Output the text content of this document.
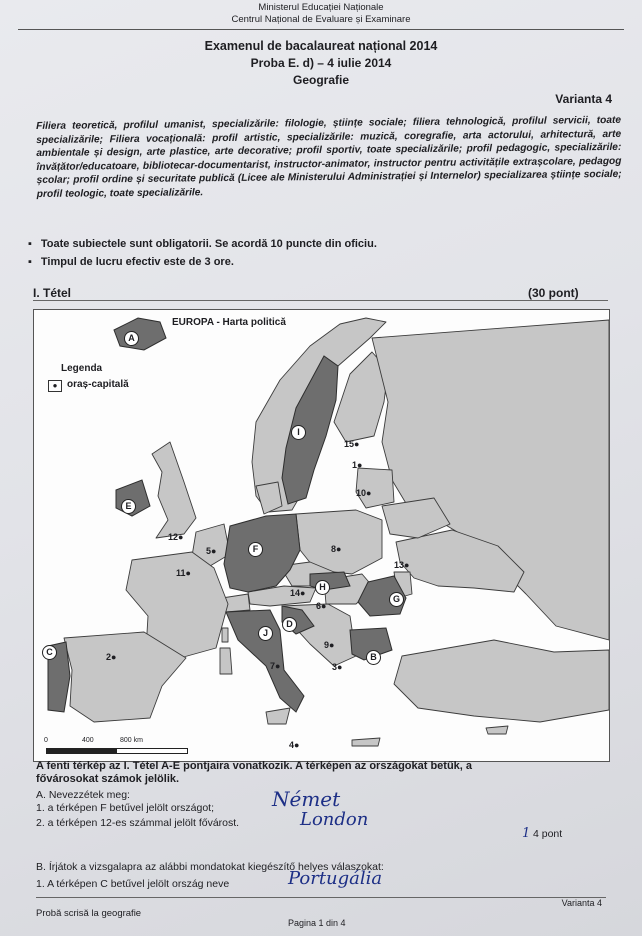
Ministerul Educației Naționale
Centrul Național de Evaluare și Examinare
Examenul de bacalaureat național 2014
Proba E. d) – 4 iulie 2014
Geografie
Varianta 4
Filiera teoretică, profilul umanist, specializările: filologie, științe sociale; filiera tehnologică, profilul servicii, toate specializările; Filiera vocațională: profil artistic, specializările: muzică, coregrafie, arta actorului, arhitectură, arte ambientale și design, arte plastice, arte decorative; profil sportiv, toate specializările; profil pedagogic, specializările: învățător/educatoare, bibliotecar-documentarist, instructor-animator, instructor pentru activitățile extrașcolare, pedagog școlar; profil ordine și securitate publică (Licee ale Ministerului Administrației și Internelor) specializarea științe sociale; profil teologic, toate specializările.
▪ Toate subiectele sunt obligatorii. Se acordă 10 puncte din oficiu.
▪ Timpul de lucru efectiv este de 3 ore.
I. Tétel	(30 pont)
EUROPA - Harta politică
Legenda
● oraș-capitală
A
B
C
D
E
F
G
H
I
J
2●
13●
14●
15●
10●
8●
12●
11●
5●
6●
9●
3●
7●
4●
1●
0	400	800 km
A fenti térkép az I. Tétel A-E pontjaira vonatkozik. A térképen az országokat betűk, a
fővárosokat számok jelölik.
A. Nevezzétek meg:
1. a térképen F betűvel jelölt országot;	Német
2. a térképen 12-es számmal jelölt fővárost.	London
1 4 pont
B. Írjátok a vizsgalapra az alábbi mondatokat kiegészítő helyes válaszokat:
1. A térképen C betűvel jelölt ország neve	Portugália
Probă scrisă la geografie
Varianta 4
Pagina 1 din 4
